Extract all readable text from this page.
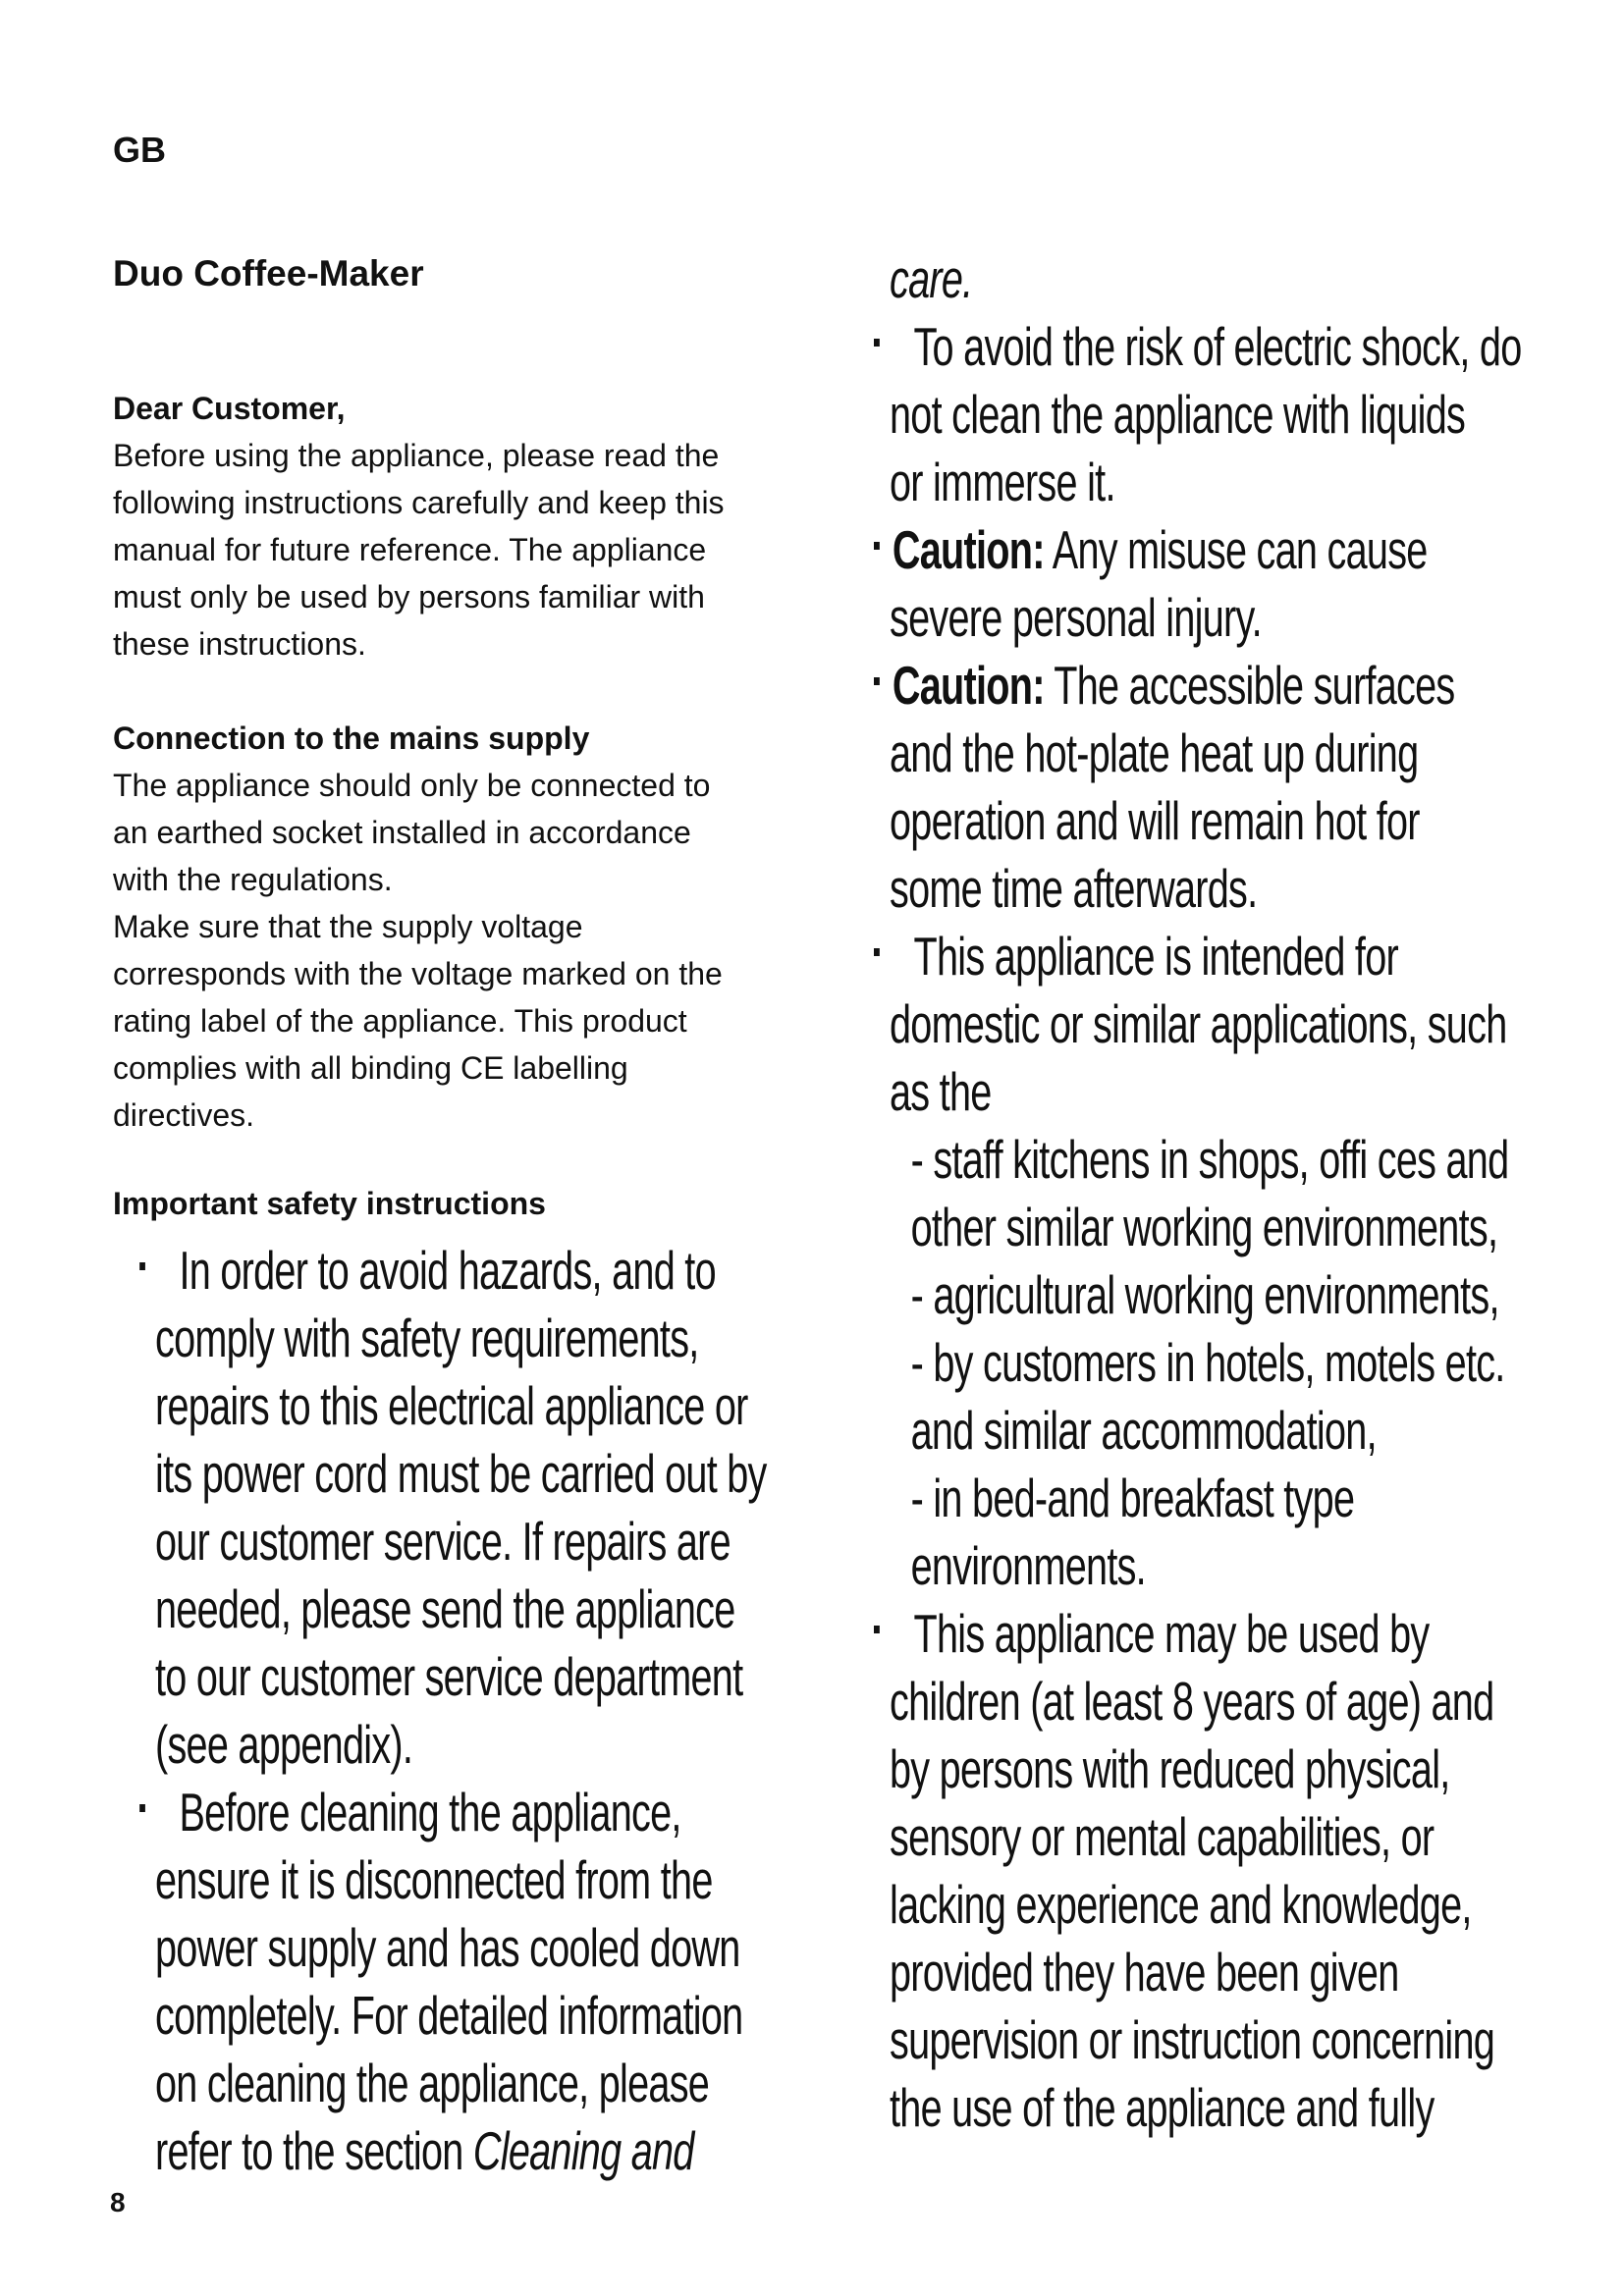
GB
Duo Coffee-Maker
Dear Customer,
Before using the appliance, please read the
following instructions carefully and keep this
manual for future reference. The appliance
must only be used by persons familiar with
these instructions.
Connection to the mains supply
The appliance should only be connected to
an earthed socket installed in accordance
with the regulations.
Make sure that the supply voltage
corresponds with the voltage marked on the
rating label of the appliance. This product
complies with all binding CE labelling
directives.
Important safety instructions
In order to avoid hazards, and to
comply with safety requirements,
repairs to this electrical appliance or
its power cord must be carried out by
our customer service. If repairs are
needed, please send the appliance
to our customer service department
(see appendix).
Before cleaning the appliance,
ensure it is disconnected from the
power supply and has cooled down
completely. For detailed information
on cleaning the appliance, please
refer to the section Cleaning and
care.
To avoid the risk of electric shock, do
not clean the appliance with liquids
or immerse it.
Caution: Any misuse can cause
severe personal injury.
Caution: The accessible surfaces
and the hot-plate heat up during
operation and will remain hot for
some time afterwards.
This appliance is intended for
domestic or similar applications, such
as the
- staff kitchens in shops, offi ces and
other similar working environments,
- agricultural working environments,
- by customers in hotels, motels etc.
and similar accommodation,
- in bed-and breakfast type
environments.
This appliance may be used by
children (at least 8 years of age) and
by persons with reduced physical,
sensory or mental capabilities, or
lacking experience and knowledge,
provided they have been given
supervision or instruction concerning
the use of the appliance and fully
8
